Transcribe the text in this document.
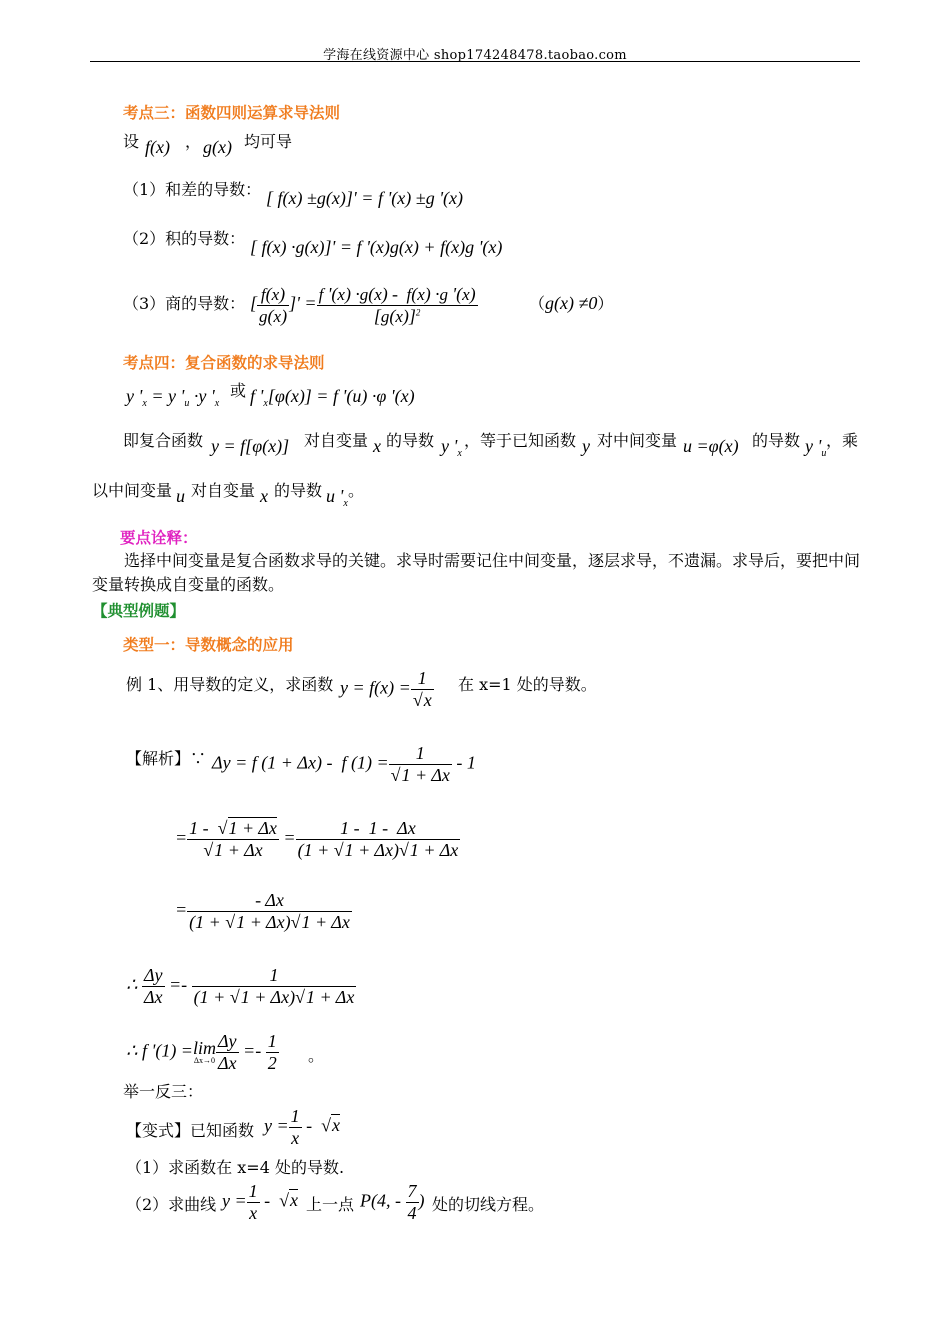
学海在线资源中心 shop174248478.taobao.com
考点三：函数四则运算求导法则
设 f(x) ， g(x) 均可导
（1）和差的导数： [ f(x) ±g(x)]' = f '(x) ±g '(x)
（2）积的导数： [ f(x) ·g(x)]' = f '(x)g(x) + f(x)g '(x)
（3）商的导数： [ $\frac{f(x)}{g(x)}$ ]' = $\frac{f '(x) \cdot g(x) - f(x) \cdot g '(x)}{[g(x)]^2}$	（g(x) ≠0）
考点四：复合函数的求导法则
y '$_x = y$ '$_u \cdot y$ '$_x$
或 f '$_x[\varphi(x)] = f$ '(u) ·φ '(x)
即复合函数 y = f[φ(x)] 对自变量 x 的导数 y '$_x$
，等于已知函数 y 对中间变量 u =φ(x) 的导数 y '$_u$
，乘
以中间变量 u 对自变量 x 的导数 u '$_x$
。
要点诠释：
选择中间变量是复合函数求导的关键。求导时需要记住中间变量，逐层求导，不遗漏。求导后，要把中间变量转换成自变量的函数。
【典型例题】
类型一：导数概念的应用
例 1、用导数的定义，求函数 $y = f(x) = \frac{1}{√x}$ 在 x=1 处的导数。
【解析】∵ Δy = f (1 + Δx) -  f $(1) = \frac{1}{√1 + \Delta x} - 1$
= $\frac{1 - √1 + \Delta x}{√1 + \Delta x} = \frac{1 - 1 - \Delta x}{(1 + √1 + \Delta x)√1 + \Delta x}$
= $\frac{- \Delta x}{(1 + √1 + \Delta x)√1 + \Delta x}$
∴ $\frac{\Delta y}{\Delta x} =- \frac{1}{(1 + √1 + \Delta x)√1 + \Delta x}$
∴ f '(1) = lim
$\Delta x\to 0 \frac{\Delta y}{\Delta x} =- \frac{1}{2}$ 。
举一反三：
【变式】已知函数 $y = \frac{1}{x} - √x$
（1）求函数在 x=4 处的导数.
（2）求曲线 $y = \frac{1}{x} - √x$ 上一点 P(4, - $\frac{7}{4}$ ) 处的切线方程。
